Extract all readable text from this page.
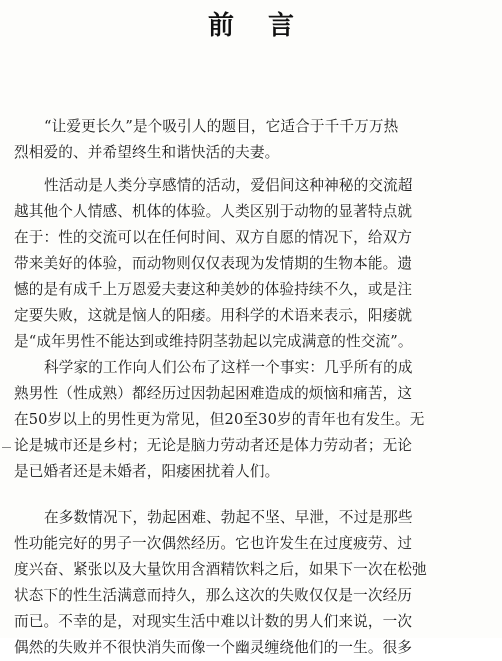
前言
“让爱更长久”是个吸引人的题目，它适合于千千万万热
烈相爱的、并希望终生和谐快活的夫妻。
性活动是人类分享感情的活动，爱侣间这种神秘的交流超
越其他个人情感、机体的体验。人类区别于动物的显著特点就
在于：性的交流可以在任何时间、双方自愿的情况下，给双方
带来美好的体验，而动物则仅仅表现为发情期的生物本能。遗
憾的是有成千上万恩爱夫妻这种美妙的体验持续不久，或是注
定要失败，这就是恼人的阳痿。用科学的术语来表示，阳痿就
是“成年男性不能达到或维持阴茎勃起以完成满意的性交流”。
科学家的工作向人们公布了这样一个事实：几乎所有的成
熟男性（性成熟）都经历过因勃起困难造成的烦恼和痛苦，这
在50岁以上的男性更为常见，但20至30岁的青年也有发生。无
论是城市还是乡村；无论是脑力劳动者还是体力劳动者；无论
是已婚者还是未婚者，阳痿困扰着人们。
在多数情况下，勃起困难、勃起不坚、早泄，不过是那些
性功能完好的男子一次偶然经历。它也许发生在过度疲劳、过
度兴奋、紧张以及大量饮用含酒精饮料之后，如果下一次在松弛
状态下的性生活满意而持久，那么这次的失败仅仅是一次经历
而已。不幸的是，对现实生活中难以计数的男人们来说，一次
偶然的失败并不很快消失而像一个幽灵缠绕他们的一生。很多
